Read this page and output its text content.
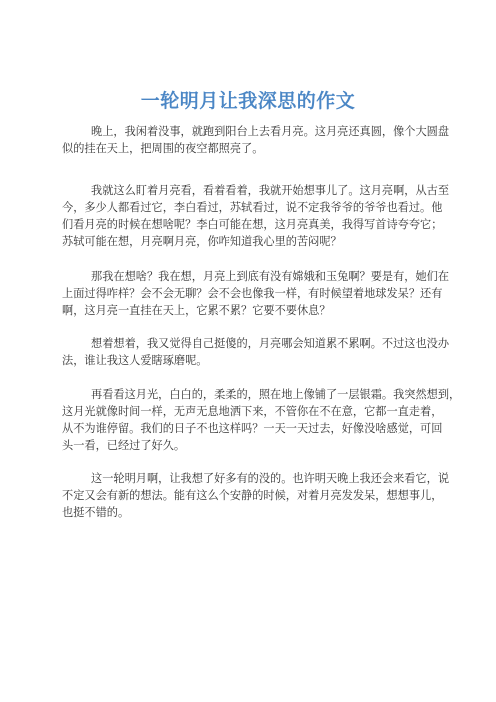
一轮明月让我深思的作文
晚上，我闲着没事，就跑到阳台上去看月亮。这月亮还真圆，像个大圆盘
似的挂在天上，把周围的夜空都照亮了。
我就这么盯着月亮看，看着看着，我就开始想事儿了。这月亮啊，从古至
今，多少人都看过它，李白看过，苏轼看过，说不定我爷爷的爷爷也看过。他
们看月亮的时候在想啥呢？李白可能在想，这月亮真美，我得写首诗夸夸它；
苏轼可能在想，月亮啊月亮，你咋知道我心里的苦闷呢？
那我在想啥？我在想，月亮上到底有没有嫦娥和玉兔啊？要是有，她们在
上面过得咋样？会不会无聊？会不会也像我一样，有时候望着地球发呆？还有
啊，这月亮一直挂在天上，它累不累？它要不要休息？
想着想着，我又觉得自己挺傻的，月亮哪会知道累不累啊。不过这也没办
法，谁让我这人爱瞎琢磨呢。
再看看这月光，白白的，柔柔的，照在地上像铺了一层银霜。我突然想到，
这月光就像时间一样，无声无息地洒下来，不管你在不在意，它都一直走着，
从不为谁停留。我们的日子不也这样吗？一天一天过去，好像没啥感觉，可回
头一看，已经过了好久。
这一轮明月啊，让我想了好多有的没的。也许明天晚上我还会来看它，说
不定又会有新的想法。能有这么个安静的时候，对着月亮发发呆，想想事儿，
也挺不错的。
